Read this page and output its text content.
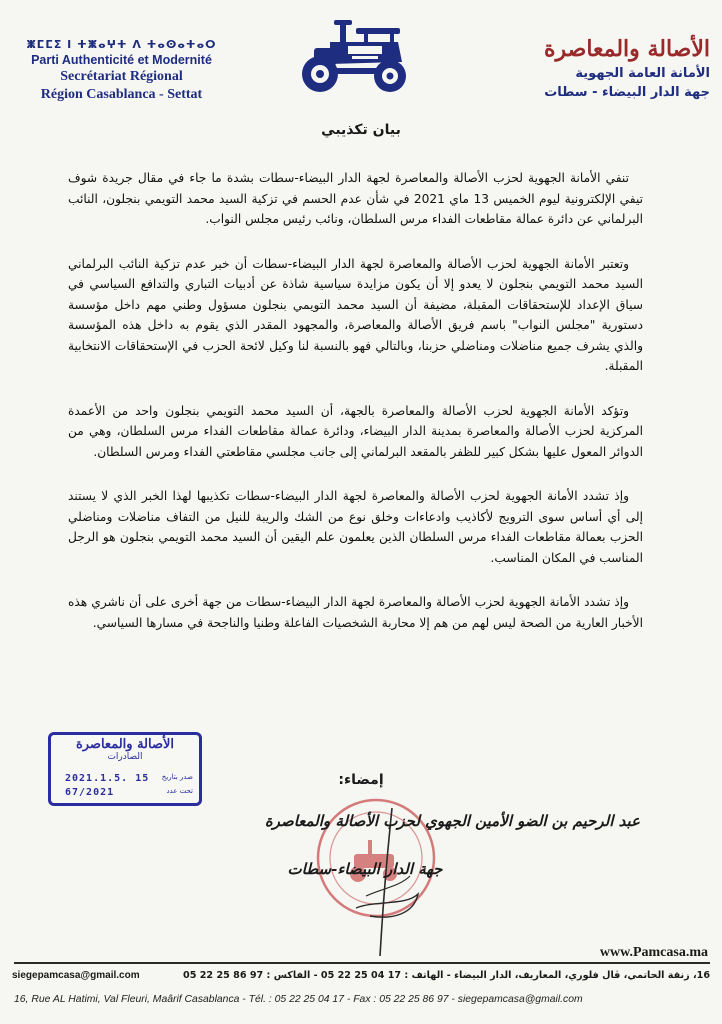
ⵥⵎⵎⵉ ⵏ ⵜⵥⴰⵖⵜ ⴷ ⵜⴰⵙⴰⵜⴰⵔ
Parti Authenticité et Modernité
Secrétariat Régional
Région Casablanca - Settat
الأصالة والمعاصرة
الأمانة العامة الجهوية
جهة الدار البيضاء - سطات
بيان تكذيبي

تنفي الأمانة الجهوية لحزب الأصالة والمعاصرة لجهة الدار البيضاء-سطات بشدة ما جاء في مقال جريدة شوف تيفي الإلكترونية ليوم الخميس 13 ماي 2021 في شأن عدم الحسم في تزكية السيد محمد التويمي بنجلون، النائب البرلماني عن دائرة عمالة مقاطعات الفداء مرس السلطان، ونائب رئيس مجلس النواب.

وتعتبر الأمانة الجهوية لحزب الأصالة والمعاصرة لجهة الدار البيضاء-سطات أن خبر عدم تزكية النائب البرلماني السيد محمد التويمي بنجلون لا يعدو إلا أن يكون مزايدة سياسية شاذة عن أدبيات التباري والتدافع السياسي في سياق الإعداد للإستحقاقات المقبلة، مضيفة أن السيد محمد التويمي بنجلون مسؤول وطني مهم داخل مؤسسة دستورية "مجلس النواب" باسم فريق الأصالة والمعاصرة، والمجهود المقدر الذي يقوم به داخل هذه المؤسسة والذي يشرف جميع مناضلات ومناضلي حزبنا، وبالتالي فهو بالنسبة لنا وكيل لائحة الحزب في الإستحقاقات الانتخابية المقبلة.

وتؤكد الأمانة الجهوية لحزب الأصالة والمعاصرة بالجهة، أن السيد محمد التويمي بنجلون واحد من الأعمدة المركزية لحزب الأصالة والمعاصرة بمدينة الدار البيضاء، ودائرة عمالة مقاطعات الفداء مرس السلطان، وهي من الدوائر المعول عليها بشكل كبير للظفر بالمقعد البرلماني إلى جانب مجلسي مقاطعتي الفداء ومرس السلطان.

وإذ تشدد الأمانة الجهوية لحزب الأصالة والمعاصرة لجهة الدار البيضاء-سطات تكذيبها لهذا الخبر الذي لا يستند إلى أي أساس سوى الترويج لأكاذيب وادعاءات وخلق نوع من الشك والريبة للنيل من التفاف مناضلات ومناضلي الحزب بعمالة مقاطعات الفداء مرس السلطان الذين يعلمون علم اليقين أن السيد محمد التويمي بنجلون هو الرجل المناسب في المكان المناسب.

وإذ تشدد الأمانة الجهوية لحزب الأصالة والمعاصرة لجهة الدار البيضاء-سطات من جهة أخرى على أن ناشري هذه الأخبار العارية من الصحة ليس لهم من هم إلا محاربة الشخصيات الفاعلة وطنيا والناجحة في مسارها السياسي.

الأصالة والمعاصرة
الصادرات
2021.1.5. 15 صدر بتاريخ
67/2021	تحت عدد
إمضاء:
عبد الرحيم بن الضو الأمين الجهوي لحزب الأصالة والمعاصرة
جهة الدار البيضاء-سطات
www.Pamcasa.ma
siegepamcasa@gmail.com	16، زنقة الحاتمي، ڤال فلوري، المعاريف، الدار البيضاء - الهاتف : 17 04 25 22 05 - الفاكس : 97 86 25 22 05
16, Rue AL Hatimi, Val Fleuri, Maârif Casablanca - Tél. : 05 22 25 04 17 - Fax : 05 22 25 86 97 - siegepamcasa@gmail.com
